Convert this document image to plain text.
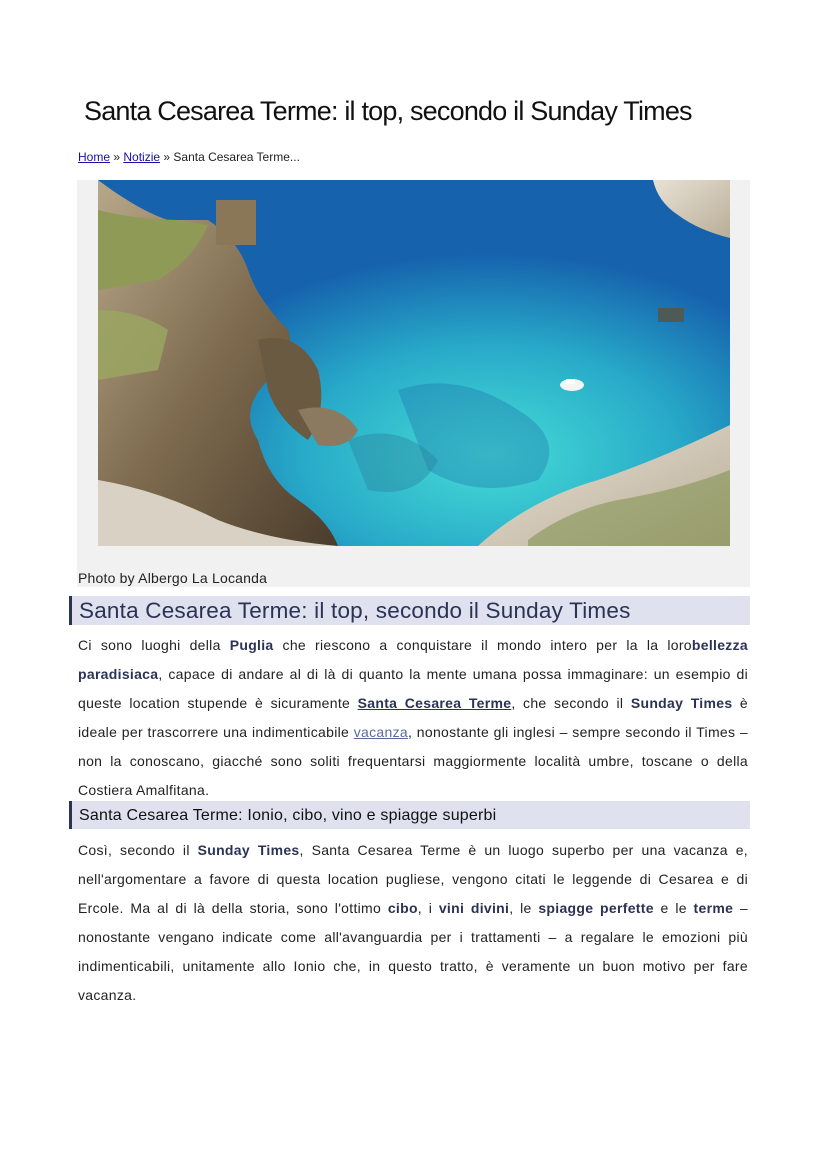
Santa Cesarea Terme: il top, secondo il Sunday Times
Home » Notizie » Santa Cesarea Terme...
Photo by Albergo La Locanda
Santa Cesarea Terme: il top, secondo il Sunday Times

Ci sono luoghi della Puglia che riescono a conquistare il mondo intero per la la lorobellezza paradisiaca, capace di andare al di là di quanto la mente umana possa immaginare: un esempio di queste location stupende è sicuramente Santa Cesarea Terme, che secondo il Sunday Times è ideale per trascorrere una indimenticabile vacanza, nonostante gli inglesi – sempre secondo il Times – non la conoscano, giacché sono soliti frequentarsi maggiormente località umbre, toscane o della Costiera Amalfitana.

Santa Cesarea Terme: Ionio, cibo, vino e spiagge superbi

Così, secondo il Sunday Times, Santa Cesarea Terme è un luogo superbo per una vacanza e, nell'argomentare a favore di questa location pugliese, vengono citati le leggende di Cesarea e di Ercole. Ma al di là della storia, sono l'ottimo cibo, i vini divini, le spiagge perfette e le terme – nonostante vengano indicate come all'avanguardia per i trattamenti – a regalare le emozioni più indimenticabili, unitamente allo Ionio che, in questo tratto, è veramente un buon motivo per fare vacanza.
